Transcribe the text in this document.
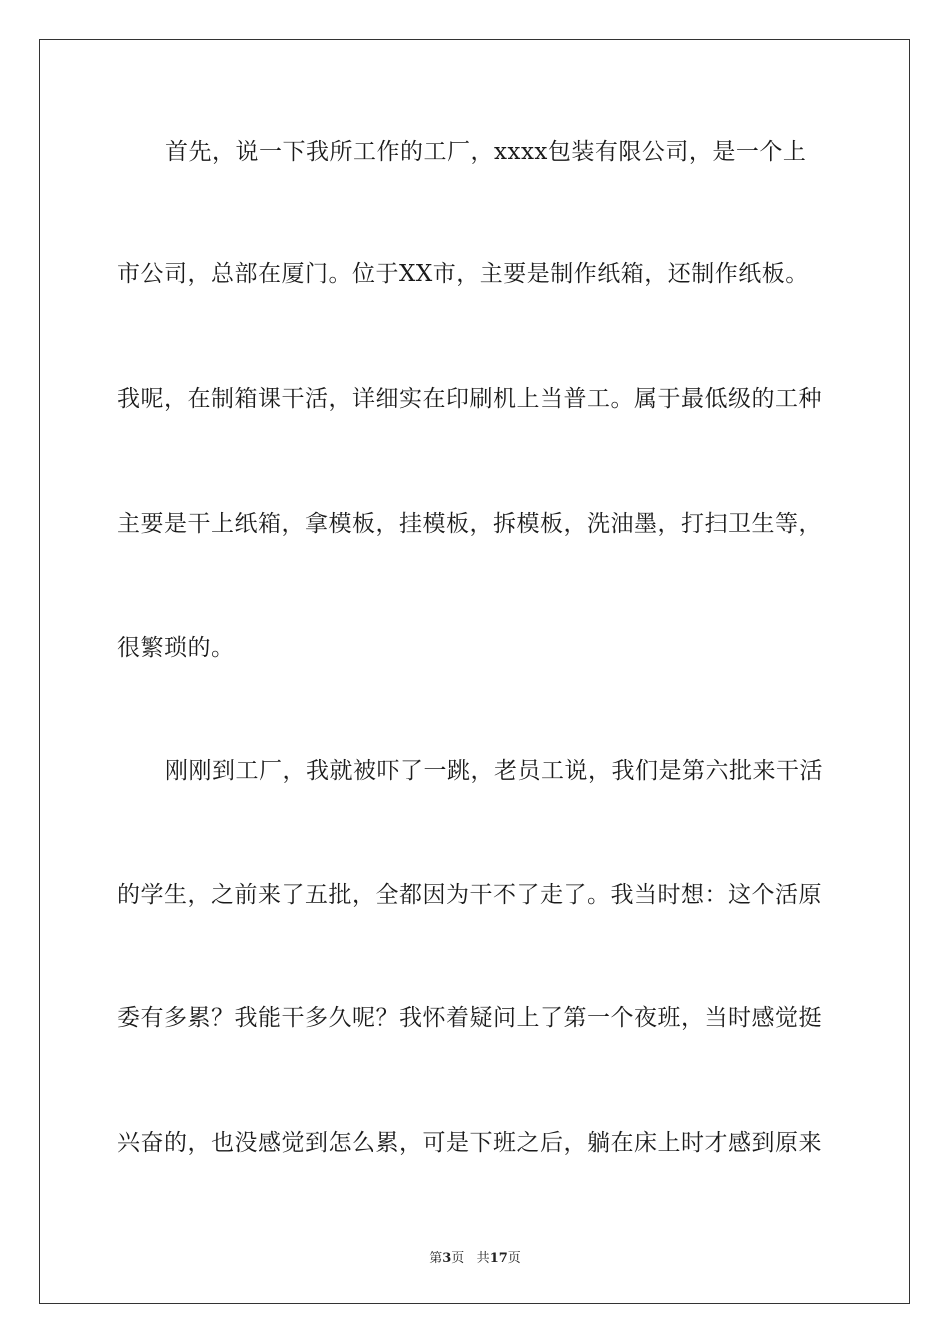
首先，说一下我所工作的工厂，xxxx包装有限公司，是一个上
市公司，总部在厦门。位于XX市，主要是制作纸箱，还制作纸板。
我呢，在制箱课干活，详细实在印刷机上当普工。属于最低级的工种
主要是干上纸箱，拿模板，挂模板，拆模板，洗油墨，打扫卫生等，
很繁琐的。
刚刚到工厂，我就被吓了一跳，老员工说，我们是第六批来干活
的学生，之前来了五批，全都因为干不了走了。我当时想：这个活原
委有多累？我能干多久呢？我怀着疑问上了第一个夜班，当时感觉挺
兴奋的，也没感觉到怎么累，可是下班之后，躺在床上时才感到原来
第3页 共17页
